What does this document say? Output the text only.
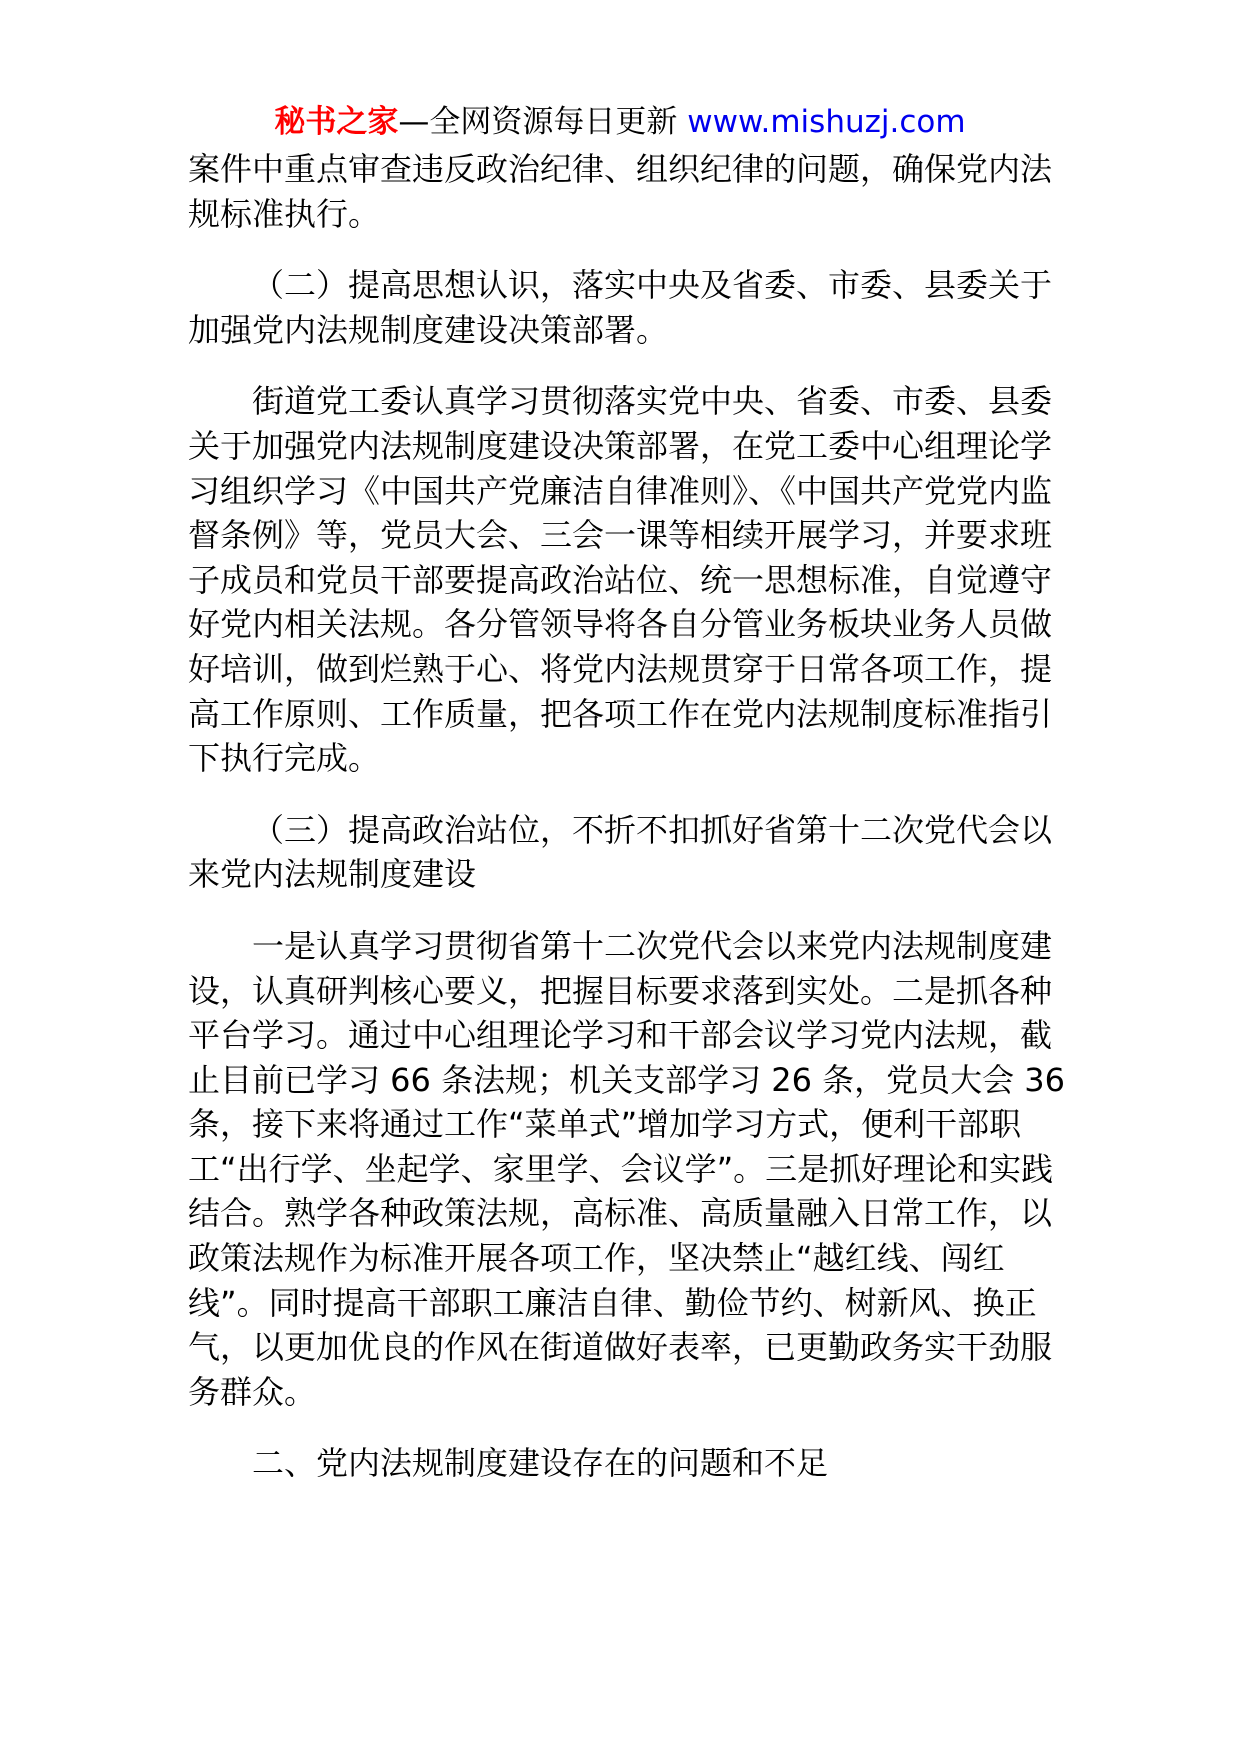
秘书之家—全网资源每日更新 www.mishuzj.com

案件中重点审查违反政治纪律、组织纪律的问题，确保党内法规标准执行。

（二）提高思想认识，落实中央及省委、市委、县委关于加强党内法规制度建设决策部署。

街道党工委认真学习贯彻落实党中央、省委、市委、县委关于加强党内法规制度建设决策部署，在党工委中心组理论学习组织学习《中国共产党廉洁自律准则》、《中国共产党党内监督条例》等，党员大会、三会一课等相续开展学习，并要求班子成员和党员干部要提高政治站位、统一思想标准，自觉遵守好党内相关法规。各分管领导将各自分管业务板块业务人员做好培训，做到烂熟于心、将党内法规贯穿于日常各项工作，提高工作原则、工作质量，把各项工作在党内法规制度标准指引下执行完成。

（三）提高政治站位，不折不扣抓好省第十二次党代会以来党内法规制度建设

一是认真学习贯彻省第十二次党代会以来党内法规制度建设，认真研判核心要义，把握目标要求落到实处。二是抓各种平台学习。通过中心组理论学习和干部会议学习党内法规，截止目前已学习 66 条法规；机关支部学习 26 条，党员大会 36 条，接下来将通过工作“菜单式”增加学习方式，便利干部职工“出行学、坐起学、家里学、会议学”。三是抓好理论和实践结合。熟学各种政策法规，高标准、高质量融入日常工作，以政策法规作为标准开展各项工作，坚决禁止“越红线、闯红线”。同时提高干部职工廉洁自律、勤俭节约、树新风、换正气，以更加优良的作风在街道做好表率，已更勤政务实干劲服务群众。

二、党内法规制度建设存在的问题和不足
